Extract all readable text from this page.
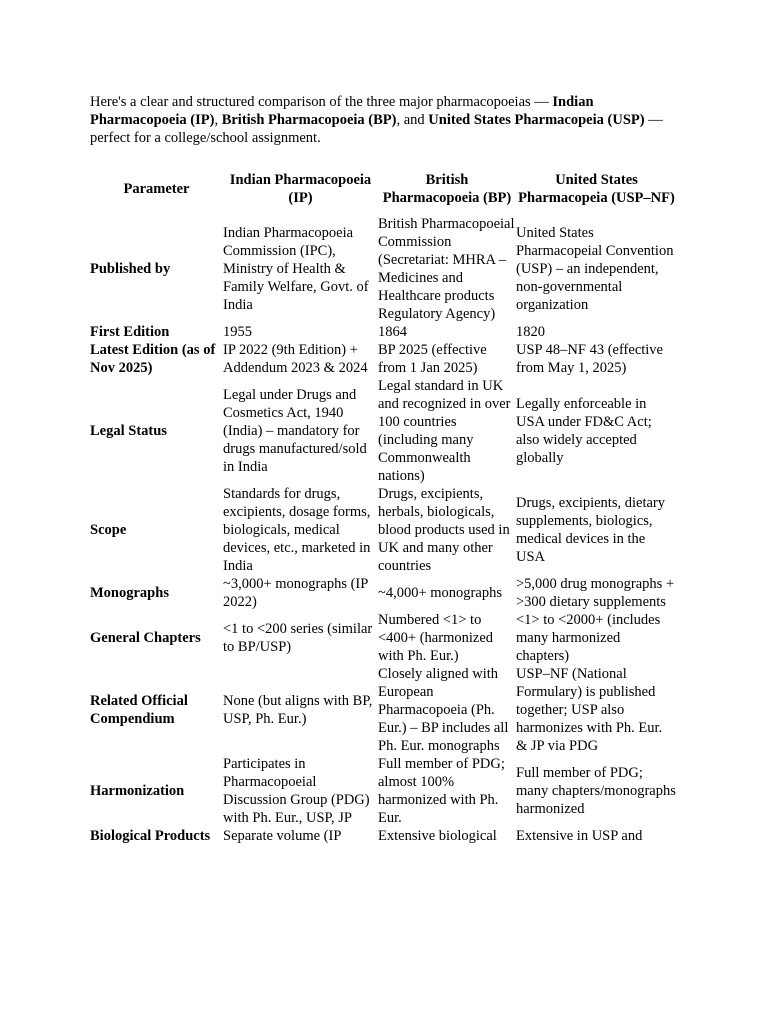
Here's a clear and structured comparison of the three major pharmacopoeias — Indian Pharmacopoeia (IP), British Pharmacopoeia (BP), and United States Pharmacopeia (USP) — perfect for a college/school assignment.

Parameter	Indian Pharmacopoeia (IP)	British Pharmacopoeia (BP)	United States Pharmacopeia (USP–NF)
Published by	Indian Pharmacopoeia Commission (IPC), Ministry of Health & Family Welfare, Govt. of India	British Pharmacopoeial Commission (Secretariat: MHRA – Medicines and Healthcare products Regulatory Agency)	United States Pharmacopeial Convention (USP) – an independent, non-governmental organization
First Edition	1955	1864	1820
Latest Edition (as of Nov 2025)	IP 2022 (9th Edition) + Addendum 2023 & 2024	BP 2025 (effective from 1 Jan 2025)	USP 48–NF 43 (effective from May 1, 2025)
Legal Status	Legal under Drugs and Cosmetics Act, 1940 (India) – mandatory for drugs manufactured/sold in India	Legal standard in UK and recognized in over 100 countries (including many Commonwealth nations)	Legally enforceable in USA under FD&C Act; also widely accepted globally
Scope	Standards for drugs, excipients, dosage forms, biologicals, medical devices, etc., marketed in India	Drugs, excipients, herbals, biologicals, blood products used in UK and many other countries	Drugs, excipients, dietary supplements, biologics, medical devices in the USA
Monographs	~3,000+ monographs (IP 2022)	~4,000+ monographs	>5,000 drug monographs + >300 dietary supplements
General Chapters	<1 to <200 series (similar to BP/USP)	Numbered <1> to <400+ (harmonized with Ph. Eur.)	<1> to <2000+ (includes many harmonized chapters)
Related Official Compendium	None (but aligns with BP, USP, Ph. Eur.)	Closely aligned with European Pharmacopoeia (Ph. Eur.) – BP includes all Ph. Eur. monographs	USP–NF (National Formulary) is published together; USP also harmonizes with Ph. Eur. & JP via PDG
Harmonization	Participates in Pharmacopoeial Discussion Group (PDG) with Ph. Eur., USP, JP	Full member of PDG; almost 100% harmonized with Ph. Eur.	Full member of PDG; many chapters/monographs harmonized
Biological Products	Separate volume (IP	Extensive biological	Extensive in USP and
